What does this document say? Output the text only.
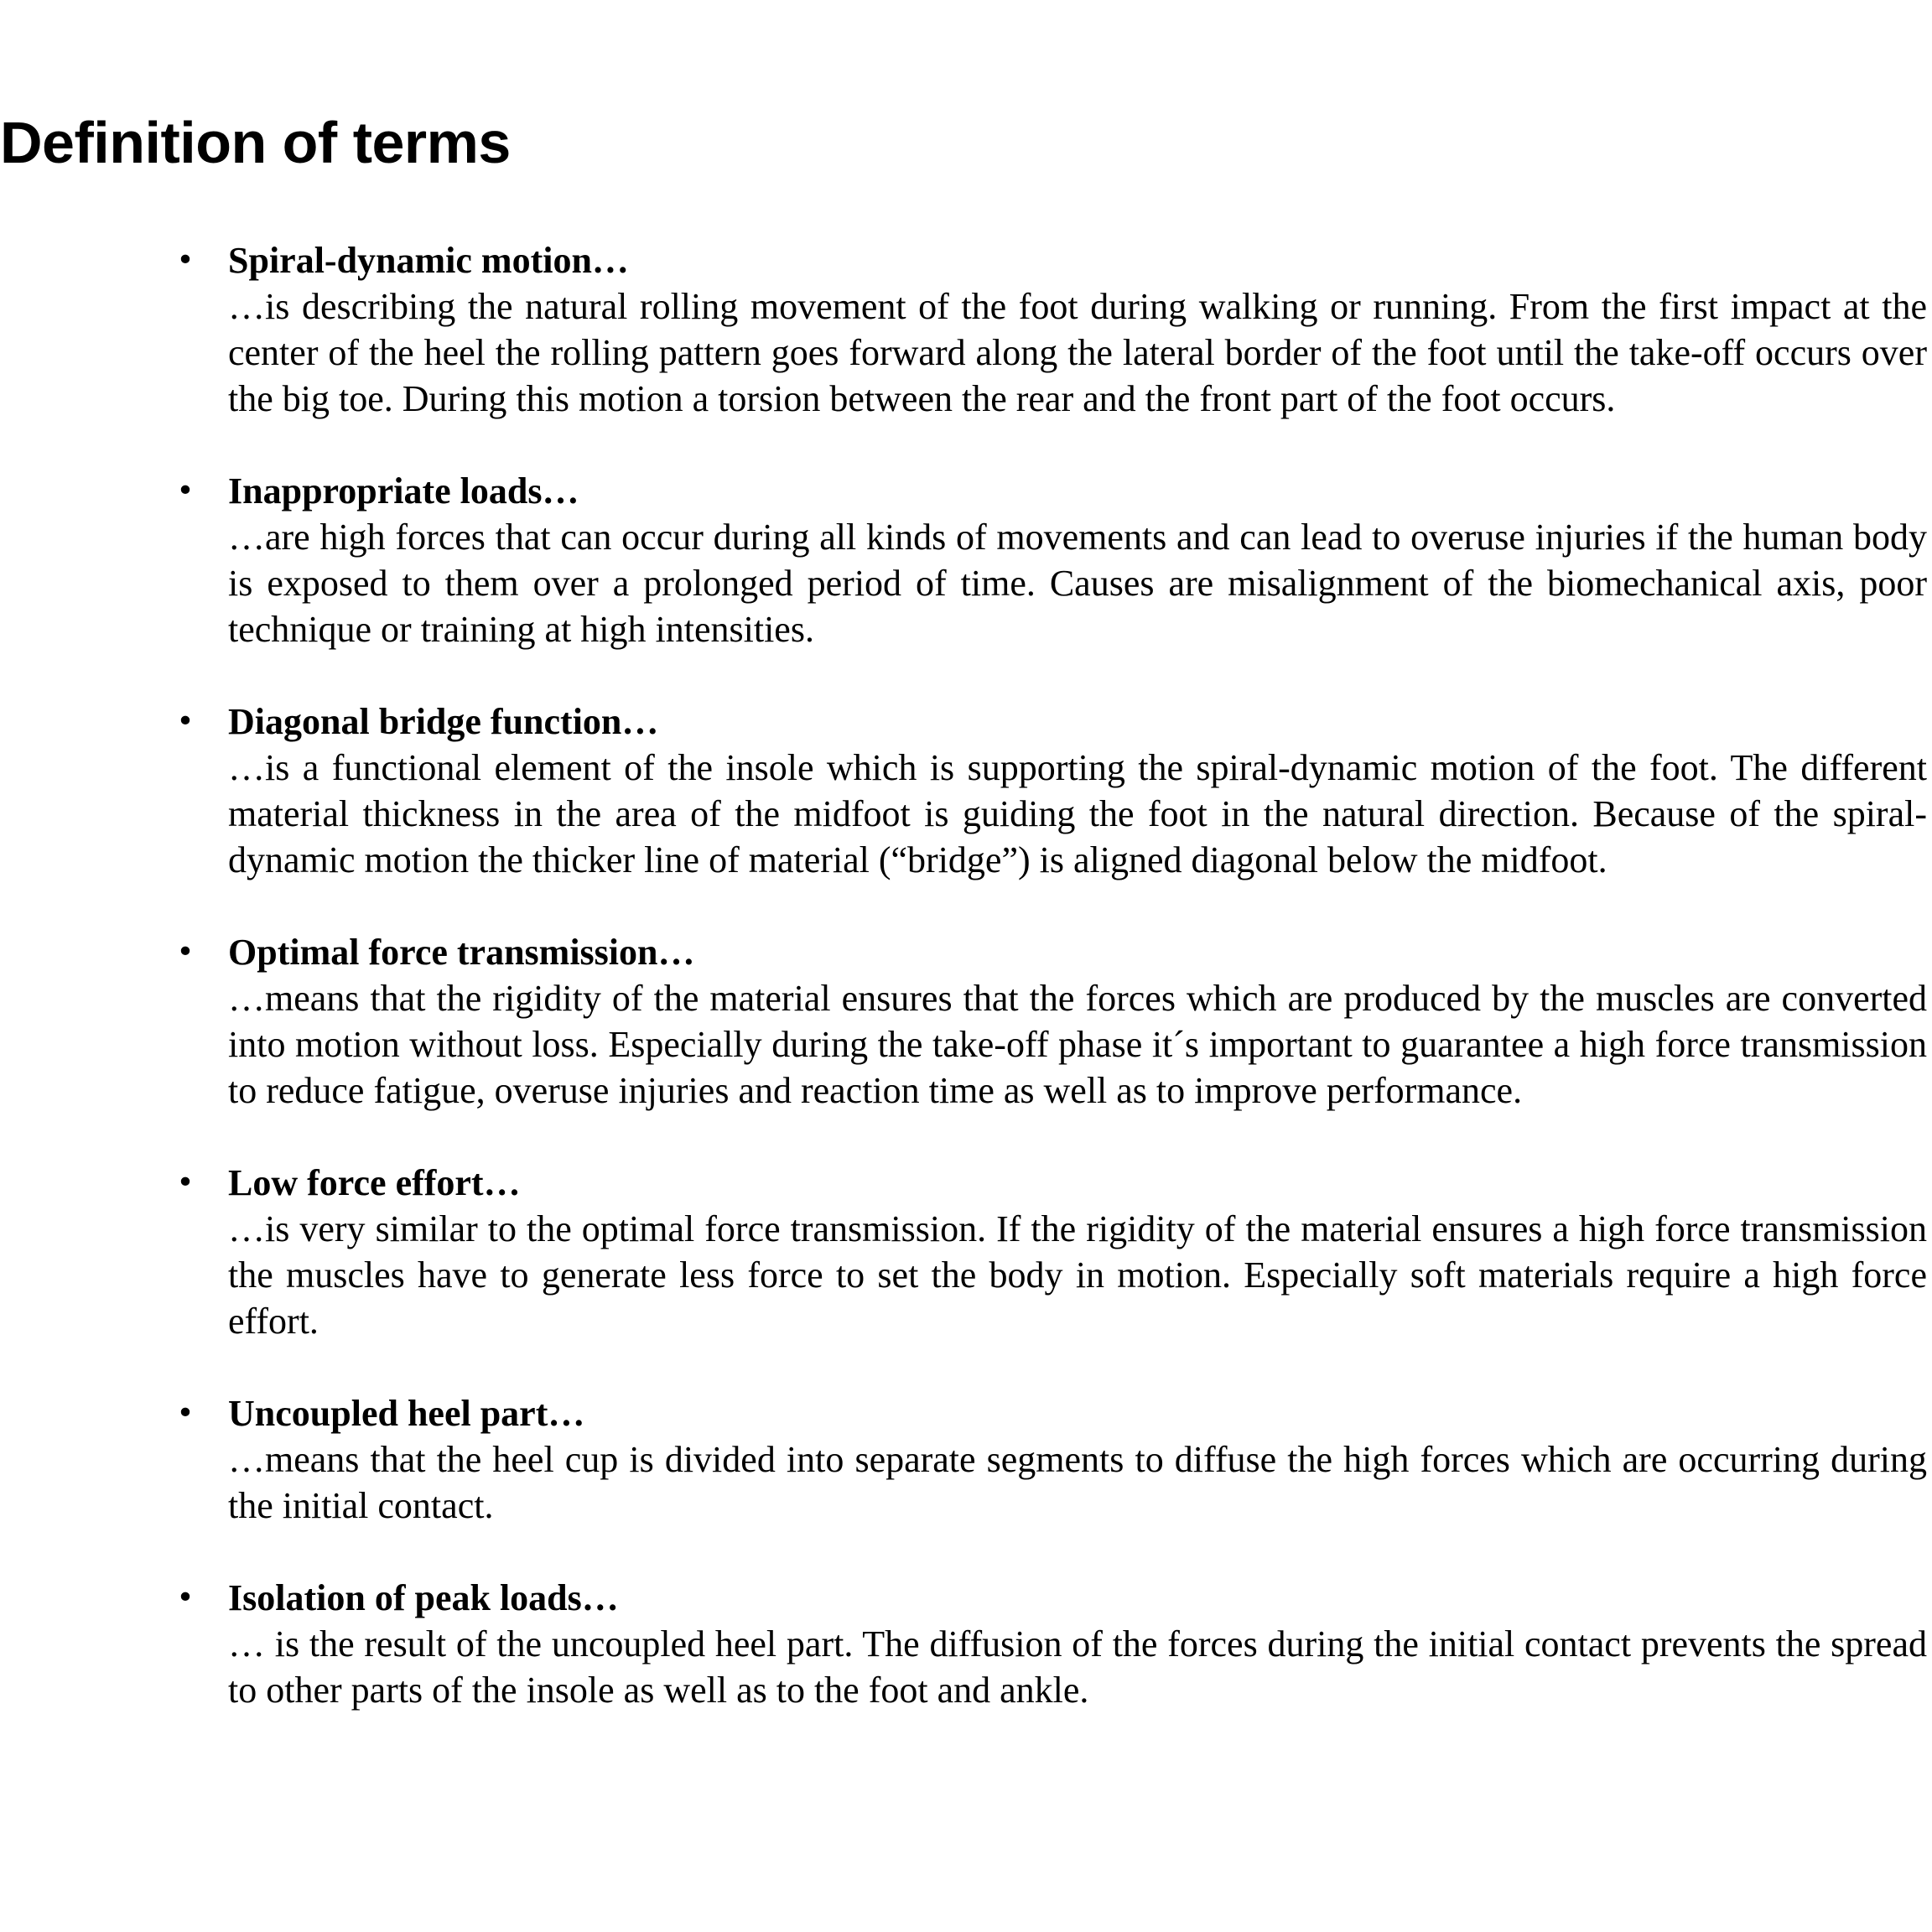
Definition of terms
• Spiral-dynamic motion…
…is describing the natural rolling movement of the foot during walking or running. From the first impact at the center of the heel the rolling pattern goes forward along the lateral border of the foot until the take-off occurs over the big toe. During this motion a torsion between the rear and the front part of the foot occurs.
• Inappropriate loads…
…are high forces that can occur during all kinds of movements and can lead to overuse injuries if the human body is exposed to them over a prolonged period of time. Causes are misalignment of the biomechanical axis, poor technique or training at high intensities.
• Diagonal bridge function…
…is a functional element of the insole which is supporting the spiral-dynamic motion of the foot. The different material thickness in the area of the midfoot is guiding the foot in the natural direction. Because of the spiral-dynamic motion the thicker line of material (“bridge”) is aligned diagonal below the midfoot.
• Optimal force transmission…
…means that the rigidity of the material ensures that the forces which are produced by the muscles are converted into motion without loss. Especially during the take-off phase it´s important to guarantee a high force transmission to reduce fatigue, overuse injuries and reaction time as well as to improve performance.
• Low force effort…
…is very similar to the optimal force transmission. If the rigidity of the material ensures a high force transmission the muscles have to generate less force to set the body in motion. Especially soft materials require a high force effort.
• Uncoupled heel part…
…means that the heel cup is divided into separate segments to diffuse the high forces which are occurring during the initial contact.
• Isolation of peak loads…
… is the result of the uncoupled heel part. The diffusion of the forces during the initial contact prevents the spread to other parts of the insole as well as to the foot and ankle.
